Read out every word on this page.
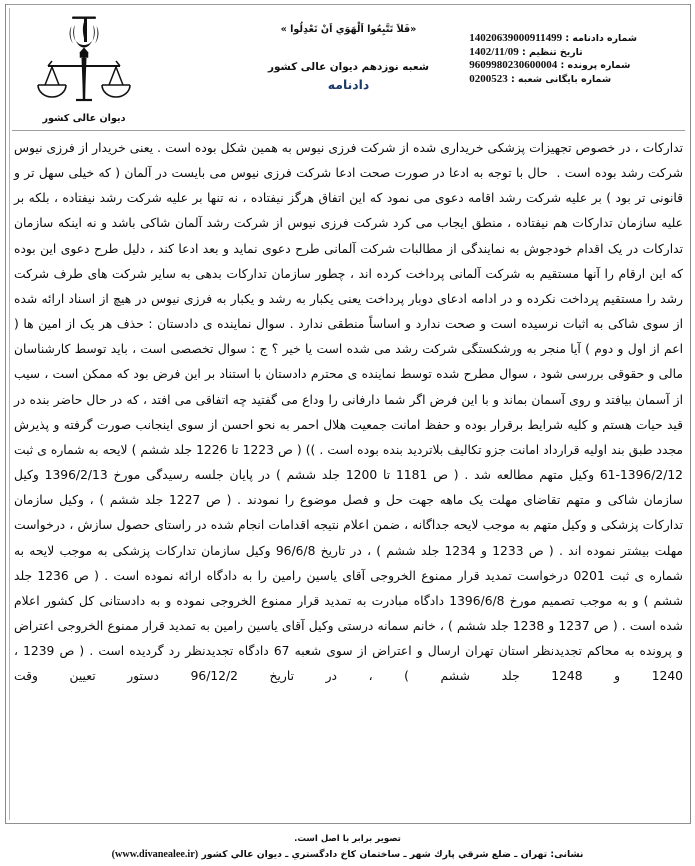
شماره دادنامه : 14020639000911499
تاریخ تنظیم : 1402/11/09
شماره پرونده : 9609980230600004
شماره بایگانی شعبه : 0200523
«فَلاَ تَتَّبِعُوا اَلْهَوَي اَنْ تَعْدِلُوا »
شعبه نوزدهم دیوان عالی کشور
دادنامه
دیوان عالی کشور

تدارکات ، در خصوص تجهیزات پزشکی خریداری شده از شرکت فرزی نیوس به همین شکل بوده است . یعنی خریدار از فرزی نیوس شرکت رشد بوده است .  حال با توجه به ادعا در صورت صحت ادعا شرکت فرزی نیوس می بایست در آلمان ( که خیلی سهل تر و قانونی تر بود ) بر علیه شرکت رشد اقامه دعوی می نمود که این اتفاق هرگز نیفتاده ، نه تنها بر علیه شرکت رشد نیفتاده ، بلکه بر علیه سازمان تدارکات هم نیفتاده ، منطق ایجاب می کرد شرکت فرزی نیوس از شرکت رشد آلمان شاکی باشد و نه اینکه سازمان تدارکات در یک اقدام خودجوش به نمایندگی از مطالبات شرکت آلمانی طرح دعوی نماید و بعد ادعا کند ، دلیل طرح دعوی این بوده که این ارقام را آنها مستقیم به شرکت آلمانی پرداخت کرده اند ، چطور سازمان تدارکات بدهی به سایر شرکت های طرف شرکت رشد را مستقیم پرداخت نکرده و در ادامه ادعای دوبار پرداخت یعنی یکبار به رشد و یکبار به فرزی نیوس در هیچ از اسناد ارائه شده از سوی شاکی به اثبات نرسیده است و صحت ندارد و اساساً منطقی ندارد . سوال نماینده ی دادستان : حذف هر یک از امین ها ( اعم از اول و دوم ) آیا منجر به ورشکستگی شرکت رشد می شده است یا خیر ؟ ج : سوال تخصصی است ، باید توسط کارشناسان مالی و حقوقی بررسی شود ، سوال مطرح شده توسط نماینده ی محترم دادستان با استناد بر این فرض بود که ممکن است ، سیب از آسمان بیافتد و روی آسمان بماند و با این فرض اگر شما دارفانی را وداع می گفتید چه اتفاقی می افتد ، که در حال حاضر بنده در قید حیات هستم و کلیه شرایط برقرار بوده و حفظ امانت جمعیت هلال احمر به نحو احسن از سوی اینجانب صورت گرفته و پذیرش مجدد طبق بند اولیه قرارداد امانت جزو تکالیف بلاتردید بنده بوده است . )) ( ص 1223 تا 1226 جلد ششم ) لایحه به شماره ی ثبت 1396/2/12-61 وکیل متهم مطالعه شد . ( ص 1181 تا 1200 جلد ششم ) در پایان جلسه رسیدگی مورخ 1396/2/13 وکیل سازمان شاکی و متهم تقاضای مهلت یک ماهه جهت حل و فصل موضوع را نمودند . ( ص 1227 جلد ششم ) ، وکیل سازمان تدارکات پزشکی و وکیل متهم به موجب لایحه جداگانه ، ضمن اعلام نتیجه اقدامات انجام شده در راستای حصول سازش ، درخواست مهلت بیشتر نموده اند . ( ص 1233 و 1234 جلد ششم ) ، در تاریخ 96/6/8 وکیل سازمان تدارکات پزشکی به موجب لایحه به شماره ی ثبت 0201 درخواست تمدید قرار ممنوع الخروجی آقای یاسین رامین را به دادگاه ارائه نموده است . ( ص 1236 جلد ششم ) و به موجب تصمیم مورخ 1396/6/8 دادگاه مبادرت به تمدید قرار ممنوع الخروجی نموده و به دادستانی کل کشور اعلام شده است . ( ص 1237 و 1238 جلد ششم ) ، خانم سمانه درستی وکیل آقای یاسین رامین به تمدید قرار ممنوع الخروجی اعتراض و پرونده به محاکم تجدیدنظر استان تهران ارسال و اعتراض از سوی شعبه 67 دادگاه تجدیدنظر رد گردیده است . ( ص 1239 ، 1240 و 1248 جلد ششم ) ، در تاریخ 96/12/2 دستور تعیین وقت

تصویر برابر با اصل است.
نشانی: تهران ـ ضلع شرقي پارك شهر ـ ساختمان كاخ دادگستري ـ دیوان عالي كشور (www.divanealee.ir)
